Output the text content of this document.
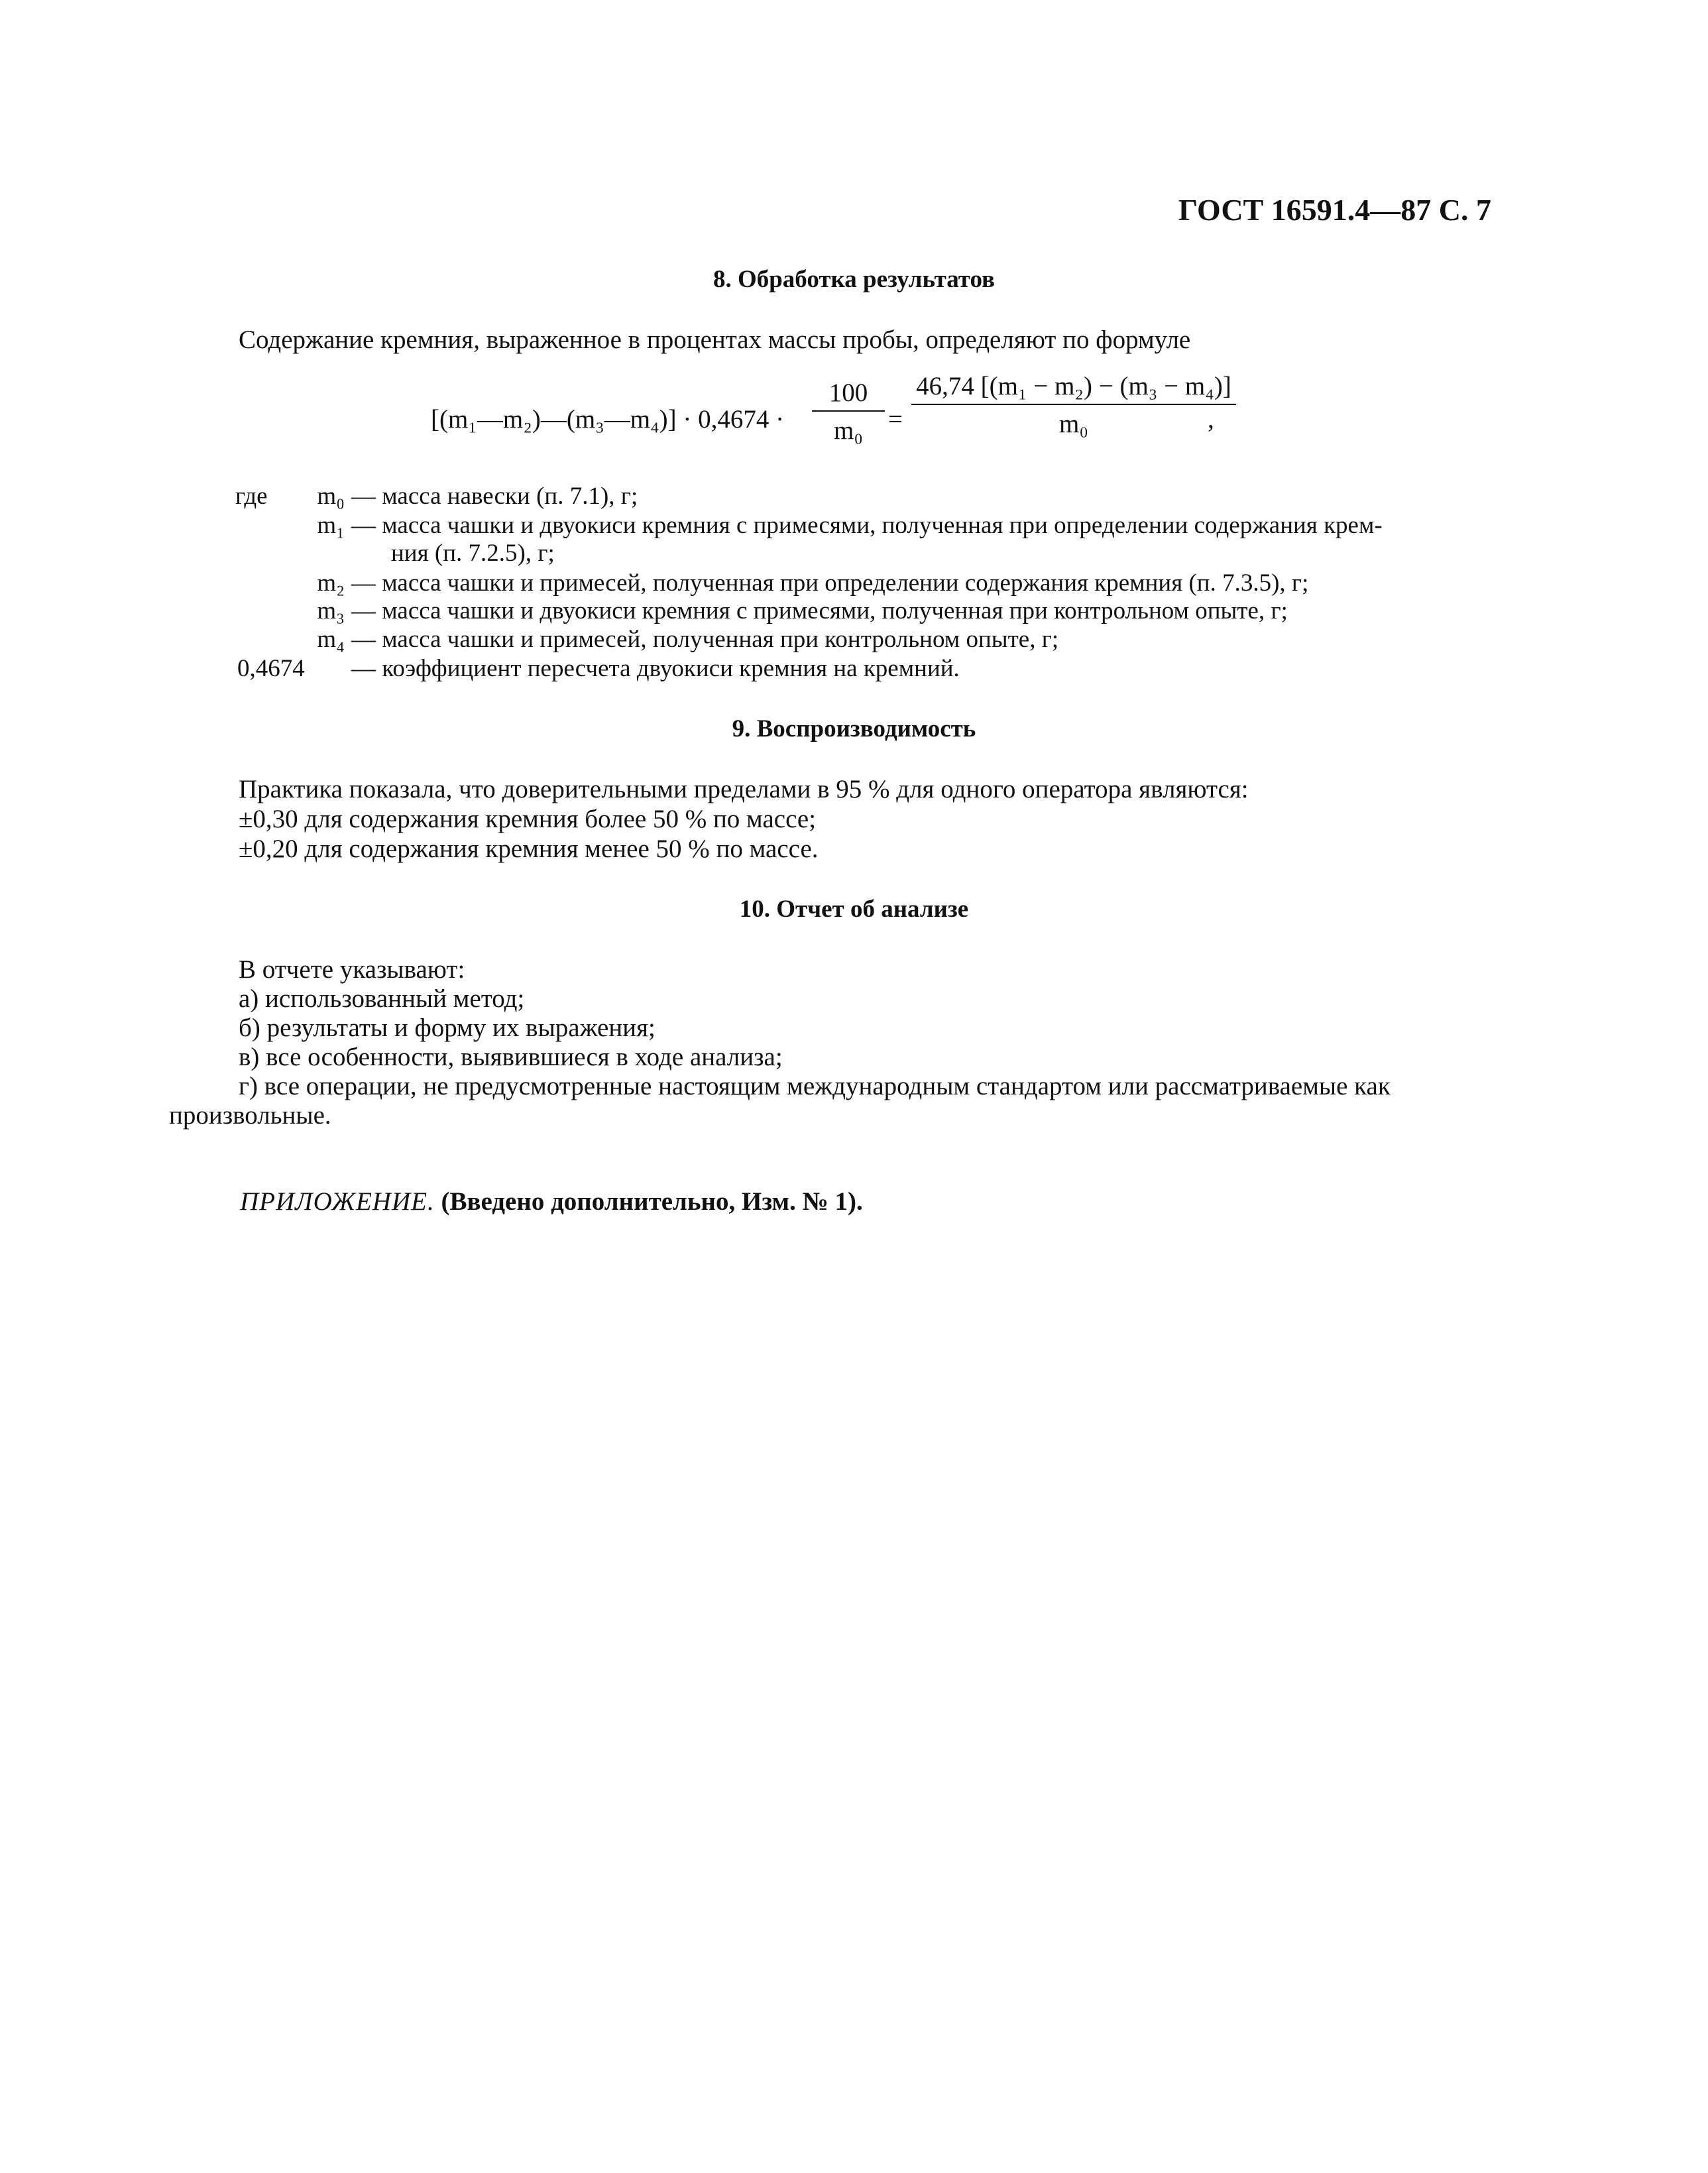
ГОСТ 16591.4—87 С. 7
8. Обработка результатов
Содержание кремния, выраженное в процентах массы пробы, определяют по формуле
[(m₁—m₂)—(m₃—m₄)] · 0,4674 ·
100
m₀ =
46,74 [(m₁ − m₂) − (m₃ − m₄)]
m₀	,
где	m₀ — масса навески (п. 7.1), г;
m₁ — масса чашки и двуокиси кремния с примесями, полученная при определении содержания крем-
ния (п. 7.2.5), г;
m₂ — масса чашки и примесей, полученная при определении содержания кремния (п. 7.3.5), г;
m₃ — масса чашки и двуокиси кремния с примесями, полученная при контрольном опыте, г;
m₄ — масса чашки и примесей, полученная при контрольном опыте, г;
0,4674 — коэффициент пересчета двуокиси кремния на кремний.
9. Воспроизводимость
Практика показала, что доверительными пределами в 95 % для одного оператора являются:
±0,30 для содержания кремния более 50 % по массе;
±0,20 для содержания кремния менее 50 % по массе.
10. Отчет об анализе
В отчете указывают:
а) использованный метод;
б) результаты и форму их выражения;
в) все особенности, выявившиеся в ходе анализа;
г) все операции, не предусмотренные настоящим международным стандартом или рассматриваемые как
произвольные.
ПРИЛОЖЕНИЕ. (Введено дополнительно, Изм. № 1).
